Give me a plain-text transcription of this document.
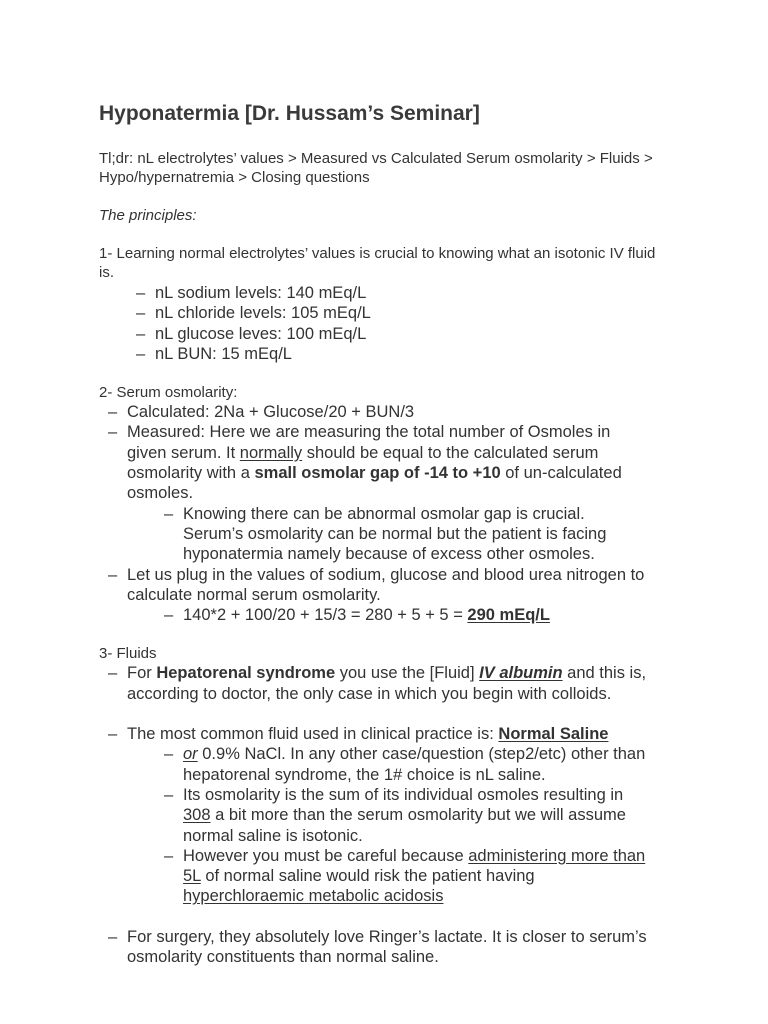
Hyponatermia [Dr. Hussam’s Seminar]
Tl;dr: nL electrolytes’ values > Measured vs Calculated Serum osmolarity > Fluids > Hypo/hypernatremia > Closing questions
The principles:
1- Learning normal electrolytes’ values is crucial to knowing what an isotonic IV fluid is.
– nL sodium levels: 140 mEq/L
– nL chloride levels: 105 mEq/L
– nL glucose leves: 100 mEq/L
– nL BUN: 15 mEq/L
2- Serum osmolarity:
– Calculated: 2Na + Glucose/20 + BUN/3
– Measured: Here we are measuring the total number of Osmoles in given serum. It normally should be equal to the calculated serum osmolarity with a small osmolar gap of -14 to +10 of un-calculated osmoles.
– Knowing there can be abnormal osmolar gap is crucial. Serum’s osmolarity can be normal but the patient is facing hyponatermia namely because of excess other osmoles.
– Let us plug in the values of sodium, glucose and blood urea nitrogen to calculate normal serum osmolarity.
– 140*2 + 100/20 + 15/3 = 280 + 5 + 5 = 290 mEq/L
3- Fluids
– For Hepatorenal syndrome you use the [Fluid] IV albumin and this is, according to doctor, the only case in which you begin with colloids.
– The most common fluid used in clinical practice is: Normal Saline
– or 0.9% NaCl. In any other case/question (step2/etc) other than hepatorenal syndrome, the 1# choice is nL saline.
– Its osmolarity is the sum of its individual osmoles resulting in 308 a bit more than the serum osmolarity but we will assume normal saline is isotonic.
– However you must be careful because administering more than 5L of normal saline would risk the patient having hyperchloraemic metabolic acidosis
– For surgery, they absolutely love Ringer’s lactate. It is closer to serum’s osmolarity constituents than normal saline.
